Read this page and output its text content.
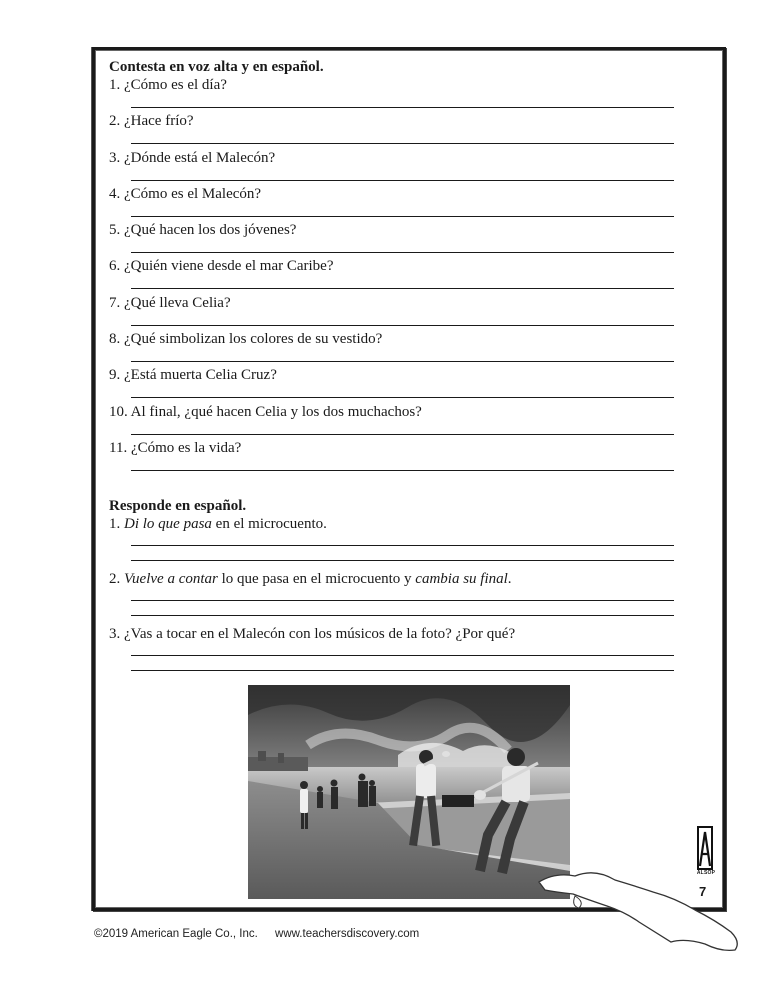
Contesta en voz alta y en español.
1. ¿Cómo es el día?
2. ¿Hace frío?
3. ¿Dónde está el Malecón?
4. ¿Cómo es el Malecón?
5. ¿Qué hacen los dos jóvenes?
6. ¿Quién viene desde el mar Caribe?
7. ¿Qué lleva Celia?
8. ¿Qué simbolizan los colores de su vestido?
9. ¿Está muerta Celia Cruz?
10. Al final, ¿qué hacen Celia y los dos muchachos?
11. ¿Cómo es la vida?
Responde en español.
1. Di lo que pasa en el microcuento.
2. Vuelve a contar lo que pasa en el microcuento y cambia su final.
3. ¿Vas a tocar en el Malecón con los músicos de la foto? ¿Por qué?
ALSOP
7
©2019 American Eagle Co., Inc. www.teachersdiscovery.com
